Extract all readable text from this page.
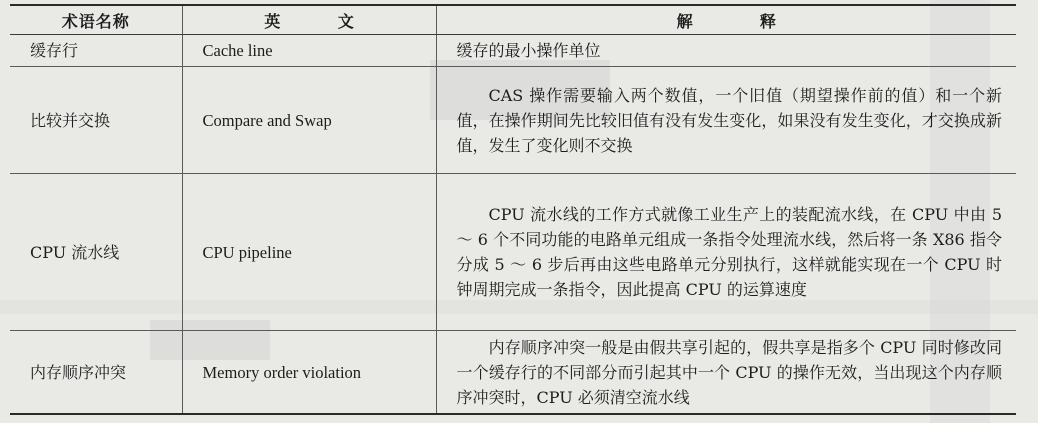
术语名称	英　文	解　释
缓存行	Cache line	缓存的最小操作单位
比较并交换	Compare and Swap	CAS 操作需要输入两个数值，一个旧值（期望操作前的值）和一个新值，在操作期间先比较旧值有没有发生变化，如果没有发生变化，才交换成新值，发生了变化则不交换
CPU 流水线	CPU pipeline	CPU 流水线的工作方式就像工业生产上的装配流水线，在 CPU 中由 5 ～ 6 个不同功能的电路单元组成一条指令处理流水线，然后将一条 X86 指令分成 5 ～ 6 步后再由这些电路单元分别执行，这样就能实现在一个 CPU 时钟周期完成一条指令，因此提高 CPU 的运算速度
内存顺序冲突	Memory order violation	内存顺序冲突一般是由假共享引起的，假共享是指多个 CPU 同时修改同一个缓存行的不同部分而引起其中一个 CPU 的操作无效，当出现这个内存顺序冲突时，CPU 必须清空流水线
